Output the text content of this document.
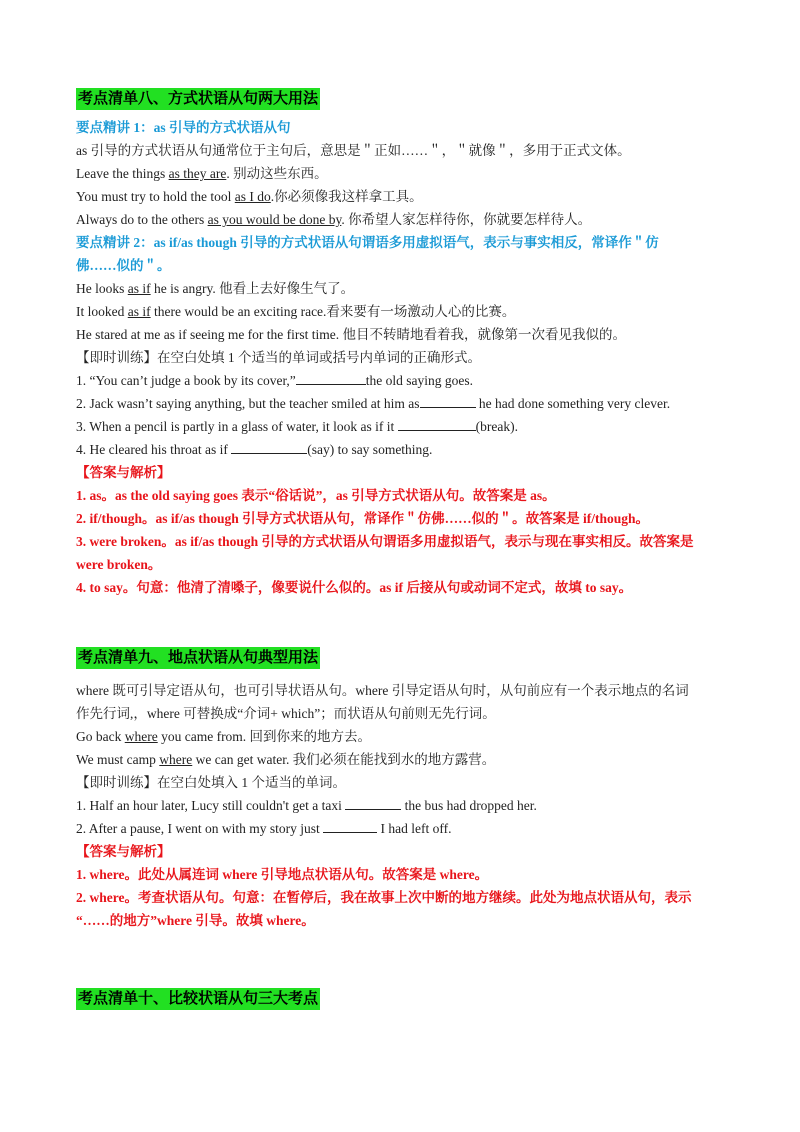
考点清单八、方式状语从句两大用法
要点精讲 1：as 引导的方式状语从句
as 引导的方式状语从句通常位于主句后，意思是＂正如……＂，＂就像＂，多用于正式文体。
Leave the things as they are. 别动这些东西。
You must try to hold the tool as I do.你必须像我这样拿工具。
Always do to the others as you would be done by. 你希望人家怎样待你，你就要怎样待人。
要点精讲 2：as if/as though 引导的方式状语从句谓语多用虚拟语气，表示与事实相反，常译作＂仿
佛……似的＂。
He looks as if he is angry. 他看上去好像生气了。
It looked as if there would be an exciting race.看来要有一场激动人心的比赛。
He stared at me as if seeing me for the first time. 他目不转睛地看着我，就像第一次看见我似的。
【即时训练】在空白处填 1 个适当的单词或括号内单词的正确形式。
1. “You can’t judge a book by its cover,”	the old saying goes.
2. Jack wasn’t saying anything, but the teacher smiled at him as	he had done something very clever.
3. When a pencil is partly in a glass of water, it look as if it	(break).
4. He cleared his throat as if	(say) to say something.
【答案与解析】
1. as。as the old saying goes 表示“俗话说”，as 引导方式状语从句。故答案是 as。
2. if/though。as if/as though 引导方式状语从句，常译作＂仿佛……似的＂。故答案是 if/though。
3. were broken。as if/as though 引导的方式状语从句谓语多用虚拟语气，表示与现在事实相反。故答案是
were broken。
4. to say。句意：他清了清嗓子，像要说什么似的。as if 后接从句或动词不定式，故填 to say。
考点清单九、地点状语从句典型用法
where 既可引导定语从句，也可引导状语从句。where 引导定语从句时，从句前应有一个表示地点的名词
作先行词,，where 可替换成“介词+ which”；而状语从句前则无先行词。
Go back where you came from. 回到你来的地方去。
We must camp where we can get water. 我们必须在能找到水的地方露营。
【即时训练】在空白处填入 1 个适当的单词。
1. Half an hour later, Lucy still couldn't get a taxi	the bus had dropped her.
2. After a pause, I went on with my story just	I had left off.
【答案与解析】
1. where。此处从属连词 where 引导地点状语从句。故答案是 where。
2. where。考查状语从句。句意：在暂停后，我在故事上次中断的地方继续。此处为地点状语从句，表示
“……的地方”where 引导。故填 where。
考点清单十、比较状语从句三大考点
